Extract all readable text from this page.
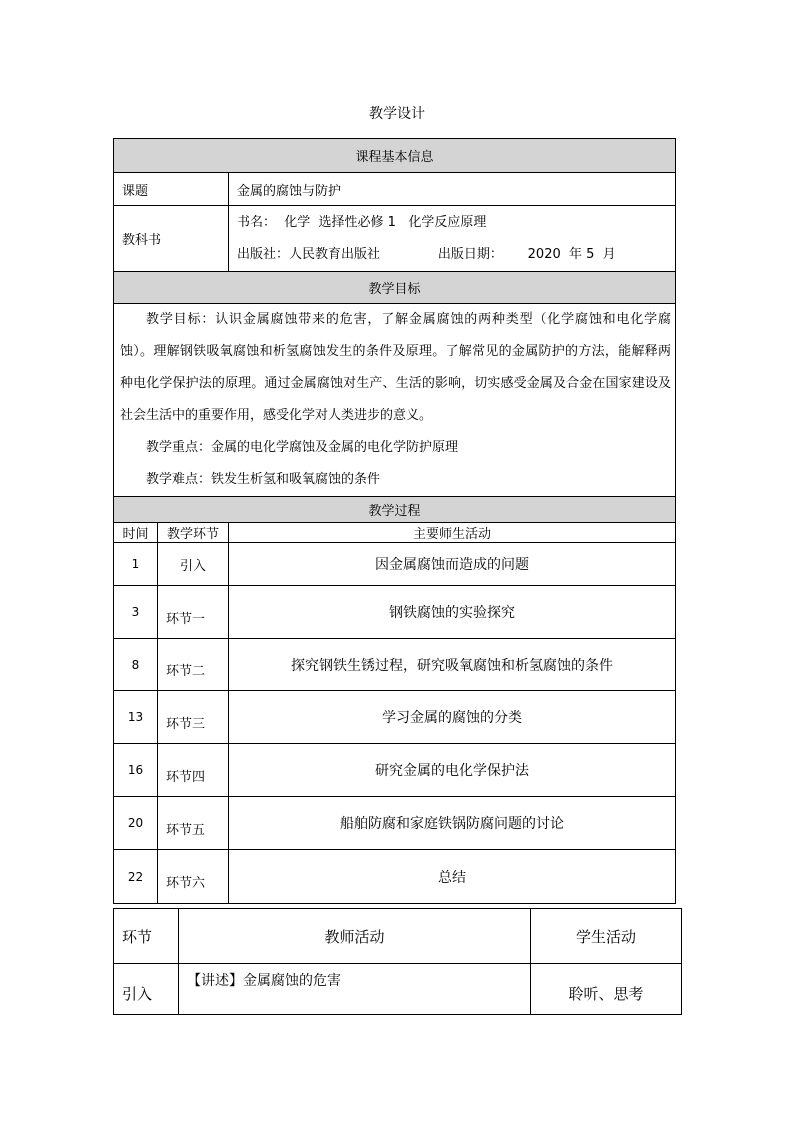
教学设计
课程基本信息		
课题		金属的腐蚀与防护
教科书		书名：  化学  选择性必修 1   化学反应原理
出版社：人民教育出版社              出版日期：      2020  年 5  月

教学目标		

教学目标：认识金属腐蚀带来的危害，了解金属腐蚀的两种类型（化学腐蚀和电化学腐蚀）。理解钢铁吸氧腐蚀和析氢腐蚀发生的条件及原理。了解常见的金属防护的方法，能解释两种电化学保护法的原理。通过金属腐蚀对生产、生活的影响，切实感受金属及合金在国家建设及社会生活中的重要作用，感受化学对人类进步的意义。

教学重点：金属的电化学腐蚀及金属的电化学防护原理

教学难点：铁发生析氢和吸氧腐蚀的条件		

教学过程		
时间	教学环节	主要师生活动
1	引入	因金属腐蚀而造成的问题
3	环节一	钢铁腐蚀的实验探究
8	环节二	探究钢铁生锈过程，研究吸氧腐蚀和析氢腐蚀的条件
13	环节三	学习金属的腐蚀的分类
16	环节四	研究金属的电化学保护法
20	环节五	船舶防腐和家庭铁锅防腐问题的讨论
22	环节六	总结
环节	教师活动	学生活动
引入	【讲述】金属腐蚀的危害	聆听、思考
